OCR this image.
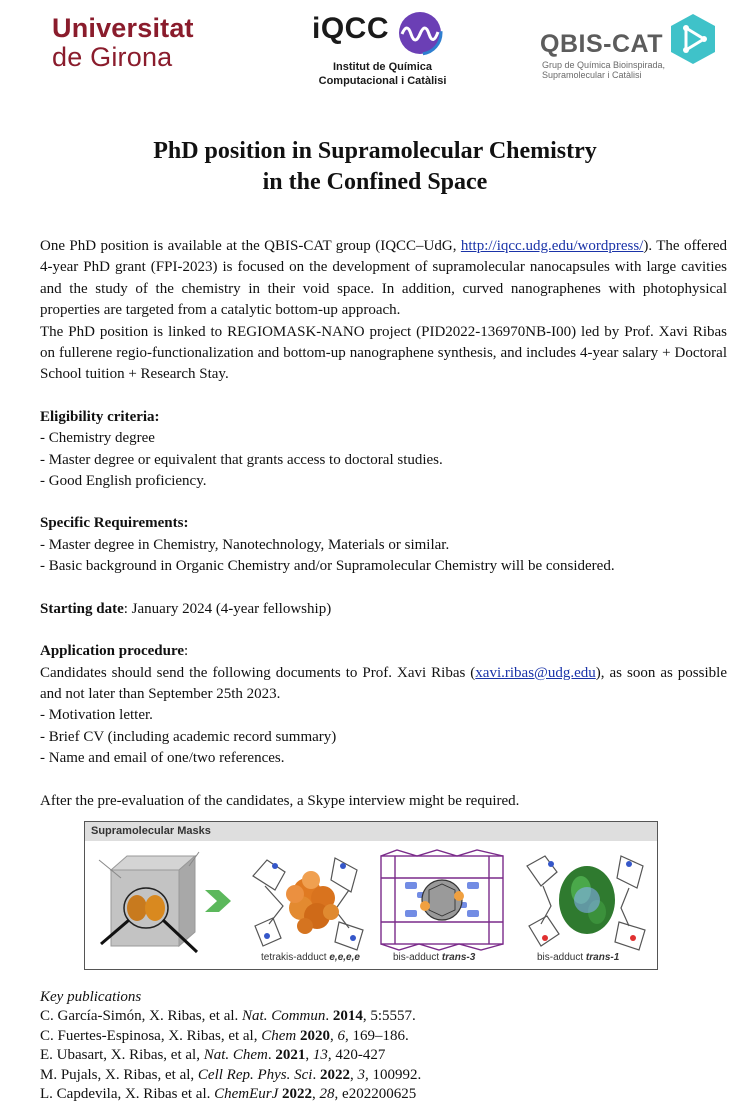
Universitat
de Girona
iQCC
Institut de Química
Computacional i Catàlisi
QBIS-CAT
Grup de Química Bioinspirada,
Supramolecular i Catàlisi
PhD position in Supramolecular Chemistry
in the Confined Space

One PhD position is available at the QBIS-CAT group (IQCC–UdG, http://iqcc.udg.edu/wordpress/). The offered 4-year PhD grant (FPI-2023) is focused on the development of supramolecular nanocapsules with large cavities and the study of the chemistry in their void space. In addition, curved nanographenes with photophysical properties are targeted from a catalytic bottom-up approach.

The PhD position is linked to REGIOMASK-NANO project (PID2022-136970NB-I00) led by Prof. Xavi Ribas on fullerene regio-functionalization and bottom-up nanographene synthesis, and includes 4-year salary + Doctoral School tuition + Research Stay.

Eligibility criteria:

- Chemistry degree

- Master degree or equivalent that grants access to doctoral studies.

- Good English proficiency.

Specific Requirements:

- Master degree in Chemistry, Nanotechnology, Materials or similar.

- Basic background in Organic Chemistry and/or Supramolecular Chemistry will be considered.

Starting date: January 2024 (4-year fellowship)

Application procedure:

Candidates should send the following documents to Prof. Xavi Ribas (xavi.ribas@udg.edu), as soon as possible and not later than September 25th 2023.

- Motivation letter.

- Brief CV (including academic record summary)

- Name and email of one/two references.

After the pre-evaluation of the candidates, a Skype interview might be required.

Supramolecular Masks
tetrakis-adduct e,e,e,e	bis-adduct trans-3	bis-adduct trans-1
Key publications
C. García-Simón, X. Ribas, et al. Nat. Commun. 2014, 5:5557.
C. Fuertes-Espinosa, X. Ribas, et al, Chem 2020, 6, 169–186.
E. Ubasart, X. Ribas, et al, Nat. Chem. 2021, 13, 420-427
M. Pujals, X. Ribas, et al, Cell Rep. Phys. Sci. 2022, 3, 100992.
L. Capdevila, X. Ribas et al. ChemEurJ 2022, 28, e202200625
